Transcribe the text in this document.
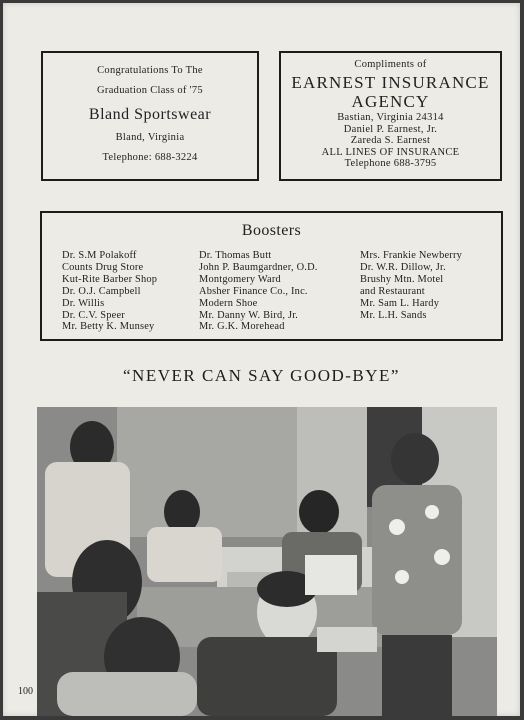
Congratulations To The
Graduation Class of '75
Bland Sportswear
Bland, Virginia
Telephone: 688-3224
Compliments of
EARNEST INSURANCE
AGENCY
Bastian, Virginia 24314
Daniel P. Earnest, Jr.
Zareda S. Earnest
ALL LINES OF INSURANCE
Telephone 688-3795
Boosters
Dr. S.M Polakoff
Counts Drug Store
Kut-Rite Barber Shop
Dr. O.J. Campbell
Dr. Willis
Dr. C.V. Speer
Mr. Betty K. Munsey
Dr. Thomas Butt
John P. Baumgardner, O.D.
Montgomery Ward
Absher Finance Co., Inc.
Modern Shoe
Mr. Danny W. Bird, Jr.
Mr. G.K. Morehead
Mrs. Frankie Newberry
Dr. W.R. Dillow, Jr.
Brushy Mtn. Motel
and Restaurant
Mr. Sam L. Hardy
Mr. L.H. Sands
“NEVER CAN SAY GOOD-BYE”
100
